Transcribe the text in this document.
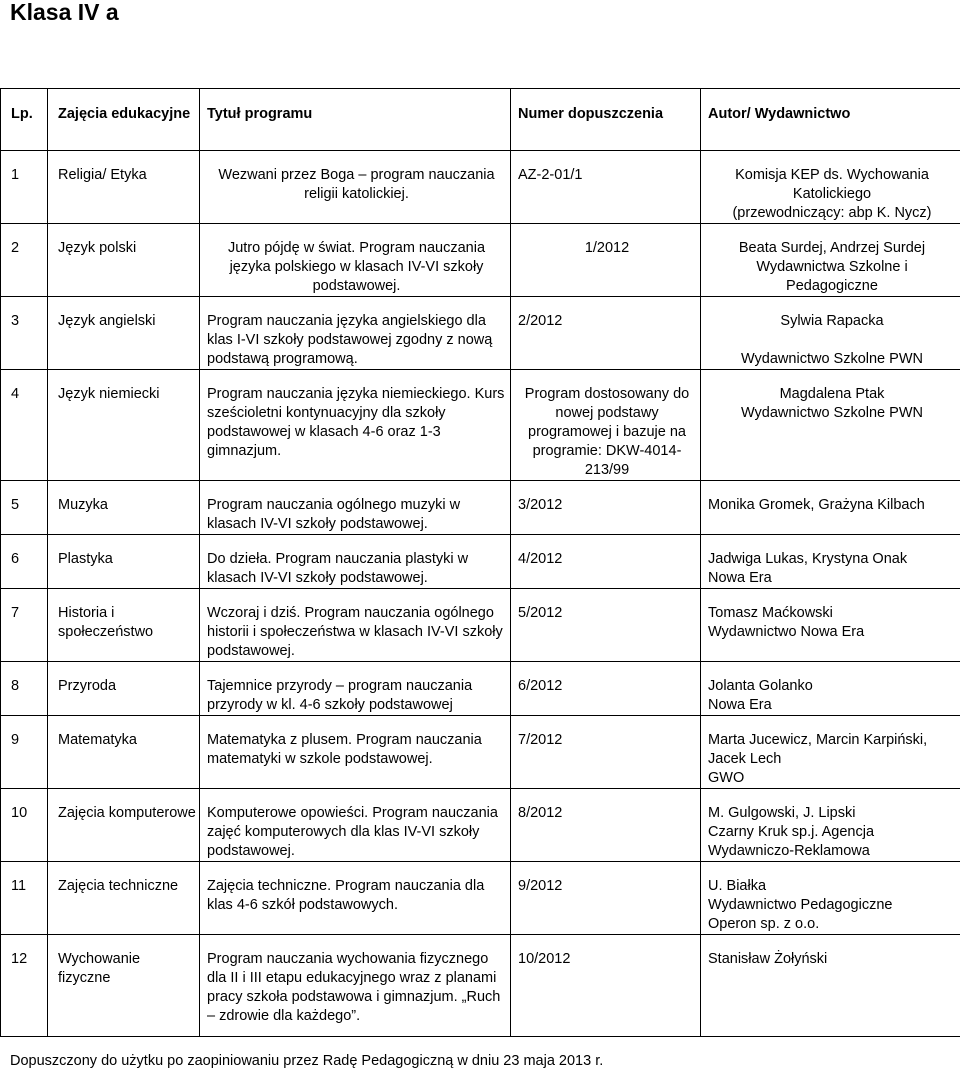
Klasa IV a
Lp.	Zajęcia edukacyjne	Tytuł programu	Numer dopuszczenia	Autor/ Wydawnictwo
1	Religia/ Etyka	Wezwani przez Boga – program nauczania religii katolickiej.	AZ-2-01/1	Komisja KEP ds. Wychowania
Katolickiego
(przewodniczący: abp K. Nycz)

2	Język polski	Jutro pójdę w świat. Program nauczania języka polskiego w klasach IV-VI szkoły podstawowej.	1/2012	Beata Surdej, Andrzej Surdej
Wydawnictwa Szkolne i
Pedagogiczne

3	Język angielski	Program nauczania języka angielskiego dla klas I-VI szkoły podstawowej zgodny z nową podstawą programową.	2/2012	Sylwia Rapacka
Wydawnictwo Szkolne PWN

4	Język niemiecki	Program nauczania języka niemieckiego. Kurs sześcioletni kontynuacyjny dla szkoły podstawowej w klasach 4-6 oraz 1-3 gimnazjum.	Program dostosowany do nowej podstawy programowej i bazuje na programie: DKW-4014-213/99	Magdalena Ptak
Wydawnictwo Szkolne PWN

5	Muzyka	Program nauczania ogólnego muzyki w klasach IV-VI szkoły podstawowej.	3/2012	Monika Gromek, Grażyna Kilbach

6	Plastyka	Do dzieła. Program nauczania plastyki w klasach IV-VI szkoły podstawowej.	4/2012	Jadwiga Lukas, Krystyna Onak
Nowa Era

7	Historia i społeczeństwo	Wczoraj i dziś. Program nauczania ogólnego historii i społeczeństwa w klasach IV-VI szkoły podstawowej.	5/2012	Tomasz Maćkowski
Wydawnictwo Nowa Era

8	Przyroda	Tajemnice przyrody – program nauczania przyrody w kl. 4-6 szkoły podstawowej	6/2012	Jolanta Golanko
Nowa Era

9	Matematyka	Matematyka z plusem. Program nauczania matematyki w szkole podstawowej.	7/2012	Marta Jucewicz, Marcin Karpiński,
Jacek Lech
GWO

10	Zajęcia komputerowe	Komputerowe opowieści. Program nauczania zajęć komputerowych dla klas IV-VI szkoły podstawowej.	8/2012	M. Gulgowski, J. Lipski
Czarny Kruk sp.j. Agencja
Wydawniczo-Reklamowa

11	Zajęcia techniczne	Zajęcia techniczne. Program nauczania dla klas 4-6 szkół podstawowych.	9/2012	U. Białka
Wydawnictwo Pedagogiczne
Operon sp. z o.o.

12	Wychowanie fizyczne	Program nauczania wychowania fizycznego dla II i III etapu edukacyjnego wraz z planami pracy szkoła podstawowa i gimnazjum. „Ruch – zdrowie dla każdego”.	10/2012	Stanisław Żołyński
Dopuszczony do użytku po zaopiniowaniu przez Radę Pedagogiczną w dniu 23 maja 2013 r.
